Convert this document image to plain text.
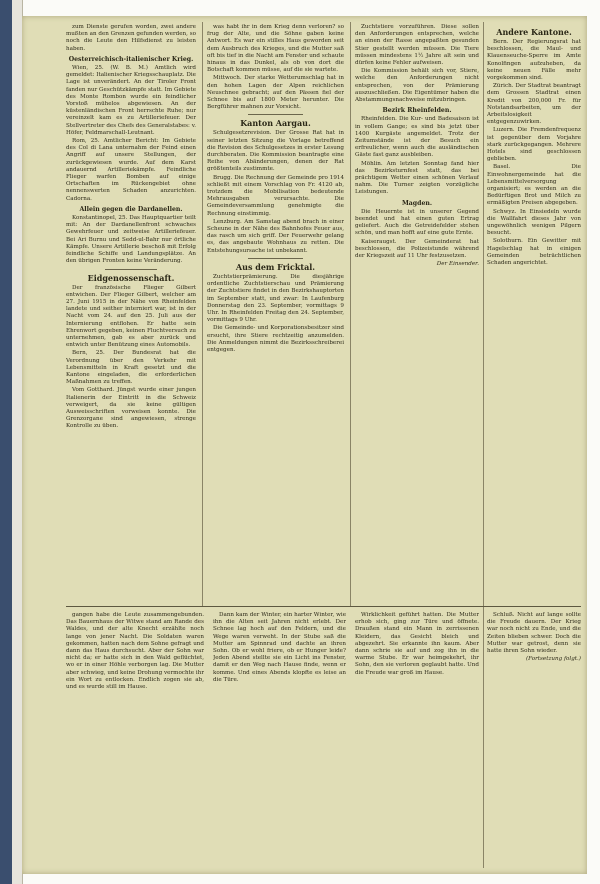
zum Dienste gerufen worden, zwei andere mußten an den Grenzen gefunden werden, so noch die Leute den Hilfsdienst zu leisten haben.

Oesterreichisch-italienischer Krieg.

Wien, 25. (W. B. M.) Amtlich wird gemeldet: Italienischer Kriegsschauplatz. Die Lage ist unverändert. An der Tiroler Front fanden nur Geschützkämpfe statt. Im Gebiete des Monte Rombon wurde ein feindlicher Vorstoß mühelos abgewiesen. An der küstenländischen Front herrschte Ruhe; nur vereinzelt kam es zu Artilleriefeuer. Der Stellvertreter des Chefs des Generalstabes: v. Höfer, Feldmarschall-Leutnant.

Rom, 25. Amtlicher Bericht: Im Gebiete des Col di Lana unternahm der Feind einen Angriff auf unsere Stellungen, der zurückgewiesen wurde. Auf dem Karst andauernd Artilleriekämpfe. Feindliche Flieger warfen Bomben auf einige Ortschaften im Rückengebiet ohne nennenswerten Schaden anzurichten. Cadorna.

Allein gegen die Dardanellen.

Konstantinopel, 25. Das Hauptquartier teilt mit: An der Dardanellenfront schwaches Gewehrfeuer und zeitweise Artilleriefeuer. Bei Ari Burnu und Sedd-ul-Bahr nur örtliche Kämpfe. Unsere Artillerie beschoß mit Erfolg feindliche Schiffe und Landungsplätze. An den übrigen Fronten keine Veränderung.

Eidgenossenschaft.

Der französische Flieger Gilbert entwichen. Der Flieger Gilbert, welcher am 27. Juni 1915 in der Nähe von Rheinfelden landete und seither interniert war, ist in der Nacht vom 24. auf den 25. Juli aus der Internierung entflohen. Er hatte sein Ehrenwort gegeben, keinen Fluchtversuch zu unternehmen, gab es aber zurück und entwich unter Benützung eines Automobils.

Bern, 25. Der Bundesrat hat die Verordnung über den Verkehr mit Lebensmitteln in Kraft gesetzt und die Kantone eingeladen, die erforderlichen Maßnahmen zu treffen.

Vom Gotthard. Jüngst wurde einer jungen Italienerin der Eintritt in die Schweiz verweigert, da sie keine gültigen Ausweisschriften vorweisen konnte. Die Grenzorgane sind angewiesen, strenge Kontrolle zu üben.

was habt ihr in dem Krieg denn verloren? so frug der Alte, und die Söhne gaben keine Antwort. Es war ein stilles Haus geworden seit dem Ausbruch des Krieges, und die Mutter saß oft bis tief in die Nacht am Fenster und schaute hinaus in das Dunkel, als ob von dort die Botschaft kommen müsse, auf die sie wartete.

Mittwoch. Der starke Wetterumschlag hat in den hohen Lagen der Alpen reichlichen Neuschnee gebracht; auf den Pässen fiel der Schnee bis auf 1800 Meter herunter. Die Bergführer mahnen zur Vorsicht.

Kanton Aargau.

Schulgesetzrevision. Der Grosse Rat hat in seiner letzten Sitzung die Vorlage betreffend die Revision des Schulgesetzes in erster Lesung durchberaten. Die Kommission beantragte eine Reihe von Abänderungen, denen der Rat größtenteils zustimmte.

Brugg. Die Rechnung der Gemeinde pro 1914 schließt mit einem Vorschlag von Fr. 4120 ab, trotzdem die Mobilisation bedeutende Mehrausgaben verursachte. Die Gemeindeversammlung genehmigte die Rechnung einstimmig.

Lenzburg. Am Samstag abend brach in einer Scheune in der Nähe des Bahnhofes Feuer aus, das rasch um sich griff. Der Feuerwehr gelang es, das angebaute Wohnhaus zu retten. Die Entstehungsursache ist unbekannt.

Aus dem Fricktal.

Zuchtstierprämierung. Die diesjährige ordentliche Zuchtstierschau und Prämierung der Zuchtstiere findet in den Bezirkshauptorten im September statt, und zwar: In Laufenburg Donnerstag den 23. September, vormittags 9 Uhr. In Rheinfelden Freitag den 24. September, vormittags 9 Uhr.

Die Gemeinde- und Korporationsbesitzer sind ersucht, ihre Stiere rechtzeitig anzumelden. Die Anmeldungen nimmt die Bezirksschreiberei entgegen.

Zuchtstiere vorzuführen. Diese sollen den Anforderungen entsprechen, welche an einen der Rasse angepaßten gesunden Stier gestellt werden müssen. Die Tiere müssen mindestens 1½ Jahre alt sein und dürfen keine Fehler aufweisen.

Die Kommission behält sich vor, Stiere, welche den Anforderungen nicht entsprechen, von der Prämierung auszuschließen. Die Eigentümer haben die Abstammungsnachweise mitzubringen.

Bezirk Rheinfelden.

Rheinfelden. Die Kur- und Badesaison ist in vollem Gange; es sind bis jetzt über 1400 Kurgäste angemeldet. Trotz der Zeitumstände ist der Besuch ein erfreulicher, wenn auch die ausländischen Gäste fast ganz ausbleiben.

Möhlin. Am letzten Sonntag fand hier das Bezirksturnfest statt, das bei prächtigem Wetter einen schönen Verlauf nahm. Die Turner zeigten vorzügliche Leistungen.

Magden.

Die Heuernte ist in unserer Gegend beendet und hat einen guten Ertrag geliefert. Auch die Getreidefelder stehen schön, und man hofft auf eine gute Ernte.

Kaiseraugst. Der Gemeinderat hat beschlossen, die Polizeistunde während der Kriegszeit auf 11 Uhr festzusetzen.

Der Einsender.

Andere Kantone.

Bern. Der Regierungsrat hat beschlossen, die Maul- und Klauenseuche-Sperre im Amte Konolfingen aufzuheben, da keine neuen Fälle mehr vorgekommen sind.

Zürich. Der Stadtrat beantragt dem Grossen Stadtrat einen Kredit von 200,000 Fr. für Notstandsarbeiten, um der Arbeitslosigkeit entgegenzuwirken.

Luzern. Die Fremdenfrequenz ist gegenüber dem Vorjahre stark zurückgegangen. Mehrere Hotels sind geschlossen geblieben.

Basel. Die Einwohnergemeinde hat die Lebensmittelversorgung organisiert; es werden an die Bedürftigen Brot und Milch zu ermäßigten Preisen abgegeben.

Schwyz. In Einsiedeln wurde die Wallfahrt dieses Jahr von ungewöhnlich wenigen Pilgern besucht.

Solothurn. Ein Gewitter mit Hagelschlag hat in einigen Gemeinden beträchtlichen Schaden angerichtet.

gangen habe die Leute zusammengebunden. Das Bauernhaus der Witwe stand am Rande des Waldes, und der alte Knecht erzählte noch lange von jener Nacht. Die Soldaten waren gekommen, hatten nach dem Sohne gefragt und dann das Haus durchsucht. Aber der Sohn war nicht da; er hatte sich in den Wald geflüchtet, wo er in einer Höhle verborgen lag. Die Mutter aber schwieg, und keine Drohung vermochte ihr ein Wort zu entlocken. Endlich zogen sie ab, und es wurde still im Hause.

Dann kam der Winter, ein harter Winter, wie ihn die Alten seit Jahren nicht erlebt. Der Schnee lag hoch auf den Feldern, und die Wege waren verweht. In der Stube saß die Mutter am Spinnrad und dachte an ihren Sohn. Ob er wohl friere, ob er Hunger leide? Jeden Abend stellte sie ein Licht ins Fenster, damit er den Weg nach Hause finde, wenn er komme. Und eines Abends klopfte es leise an die Türe.

Wirklichkeit geführt hatten. Die Mutter erhob sich, ging zur Türe und öffnete. Draußen stand ein Mann in zerrissenen Kleidern, das Gesicht bleich und abgezehrt. Sie erkannte ihn kaum. Aber dann schrie sie auf und zog ihn in die warme Stube. Er war heimgekehrt, ihr Sohn, den sie verloren geglaubt hatte. Und die Freude war groß im Hause.

Schluß. Nicht auf lange sollte die Freude dauern. Der Krieg war noch nicht zu Ende, und die Zeiten blieben schwer. Doch die Mutter war getrost, denn sie hatte ihren Sohn wieder.

(Fortsetzung folgt.)
